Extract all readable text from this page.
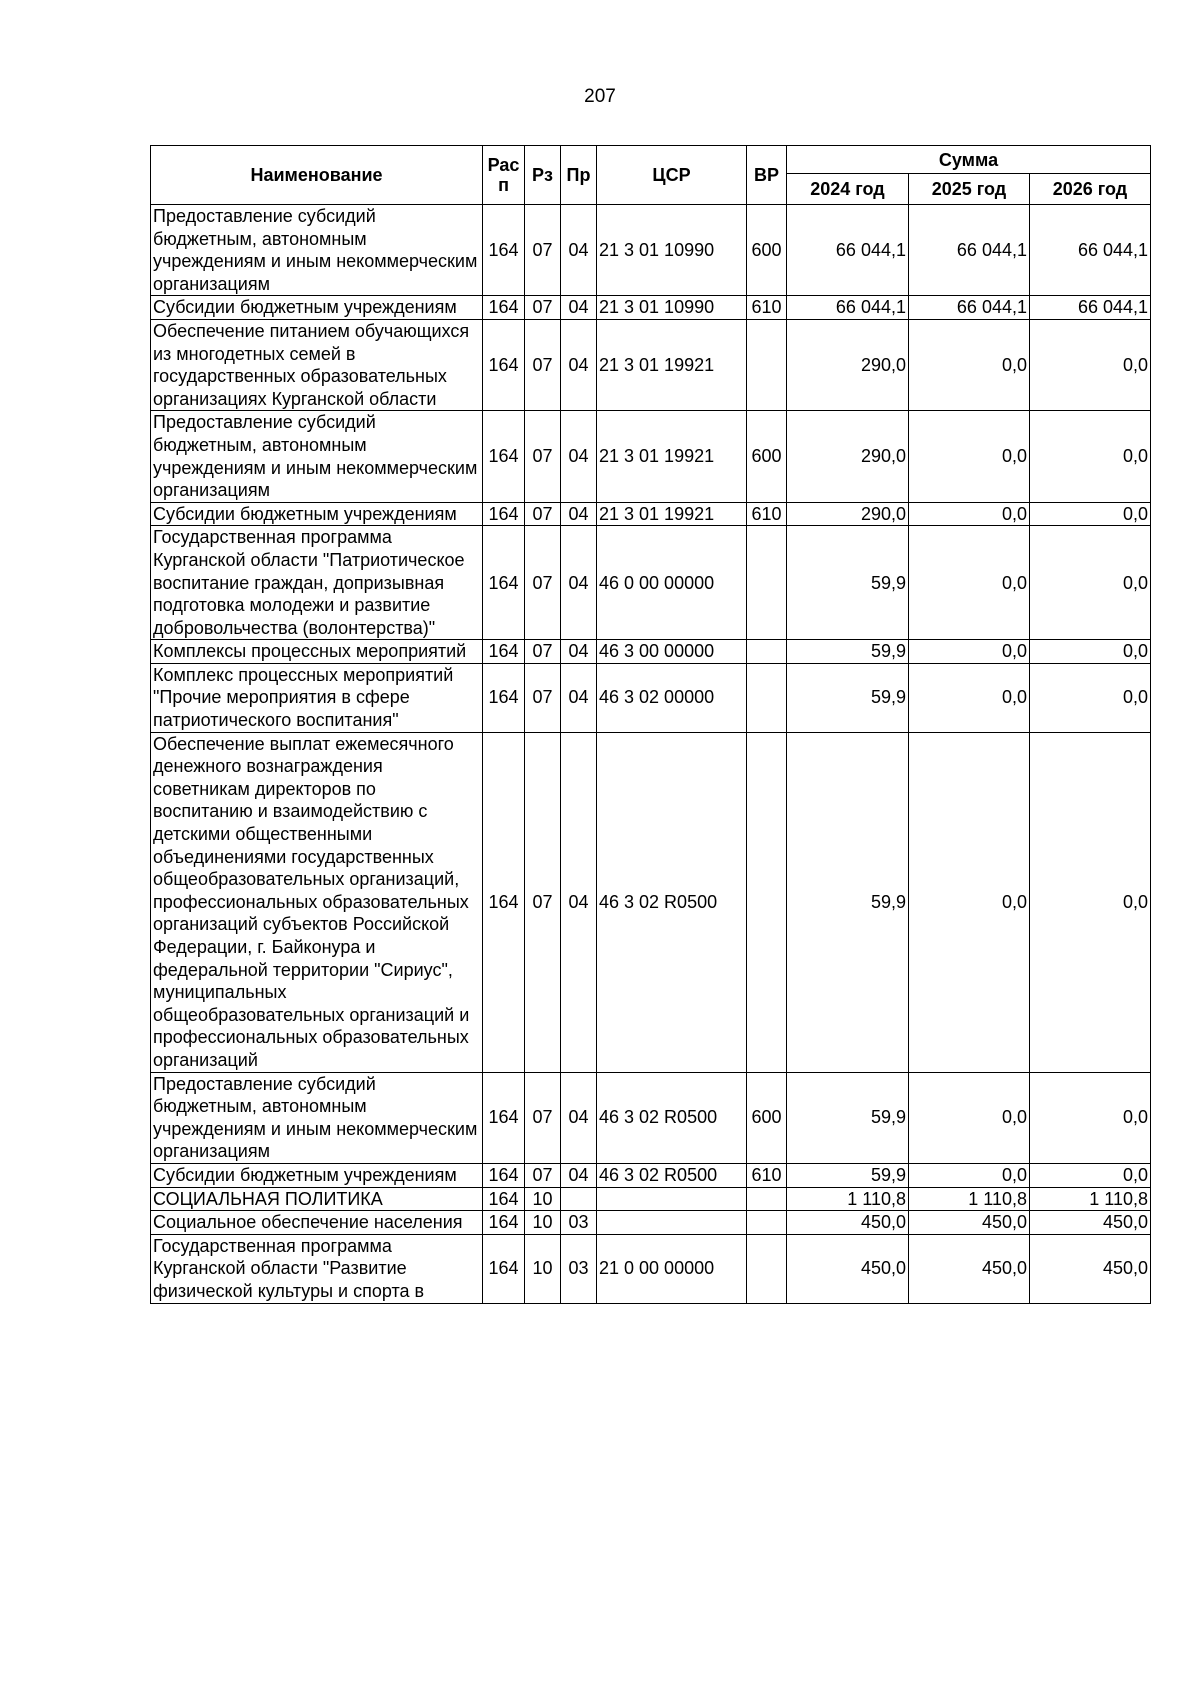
207
Наименование	Рас п	Рз	Пр	ЦСР	ВР	Сумма		
						2024 год	2025 год	2026 год
Предоставление субсидий бюджетным, автономным учреждениям и иным некоммерческим организациям	164	07	04	21 3 01 10990	600	66 044,1	66 044,1	66 044,1
Субсидии бюджетным учреждениям	164	07	04	21 3 01 10990	610	66 044,1	66 044,1	66 044,1
Обеспечение питанием обучающихся из многодетных семей в государственных образовательных организациях Курганской области	164	07	04	21 3 01 19921		290,0	0,0	0,0
Предоставление субсидий бюджетным, автономным учреждениям и иным некоммерческим организациям	164	07	04	21 3 01 19921	600	290,0	0,0	0,0
Субсидии бюджетным учреждениям	164	07	04	21 3 01 19921	610	290,0	0,0	0,0
Государственная программа Курганской области "Патриотическое воспитание граждан, допризывная подготовка молодежи и развитие добровольчества (волонтерства)"	164	07	04	46 0 00 00000		59,9	0,0	0,0
Комплексы процессных мероприятий	164	07	04	46 3 00 00000		59,9	0,0	0,0
Комплекс процессных мероприятий "Прочие мероприятия в сфере патриотического воспитания"	164	07	04	46 3 02 00000		59,9	0,0	0,0
Обеспечение выплат ежемесячного денежного вознаграждения советникам директоров по воспитанию и взаимодействию с детскими общественными объединениями государственных общеобразовательных организаций, профессиональных образовательных организаций субъектов Российской Федерации, г. Байконура и федеральной территории "Сириус", муниципальных общеобразовательных организаций и профессиональных образовательных организаций	164	07	04	46 3 02 R0500		59,9	0,0	0,0
Предоставление субсидий бюджетным, автономным учреждениям и иным некоммерческим организациям	164	07	04	46 3 02 R0500	600	59,9	0,0	0,0
Субсидии бюджетным учреждениям	164	07	04	46 3 02 R0500	610	59,9	0,0	0,0
СОЦИАЛЬНАЯ ПОЛИТИКА	164	10				1 110,8	1 110,8	1 110,8
Социальное обеспечение населения	164	10	03			450,0	450,0	450,0
Государственная программа Курганской области "Развитие физической культуры и спорта в	164	10	03	21 0 00 00000		450,0	450,0	450,0
